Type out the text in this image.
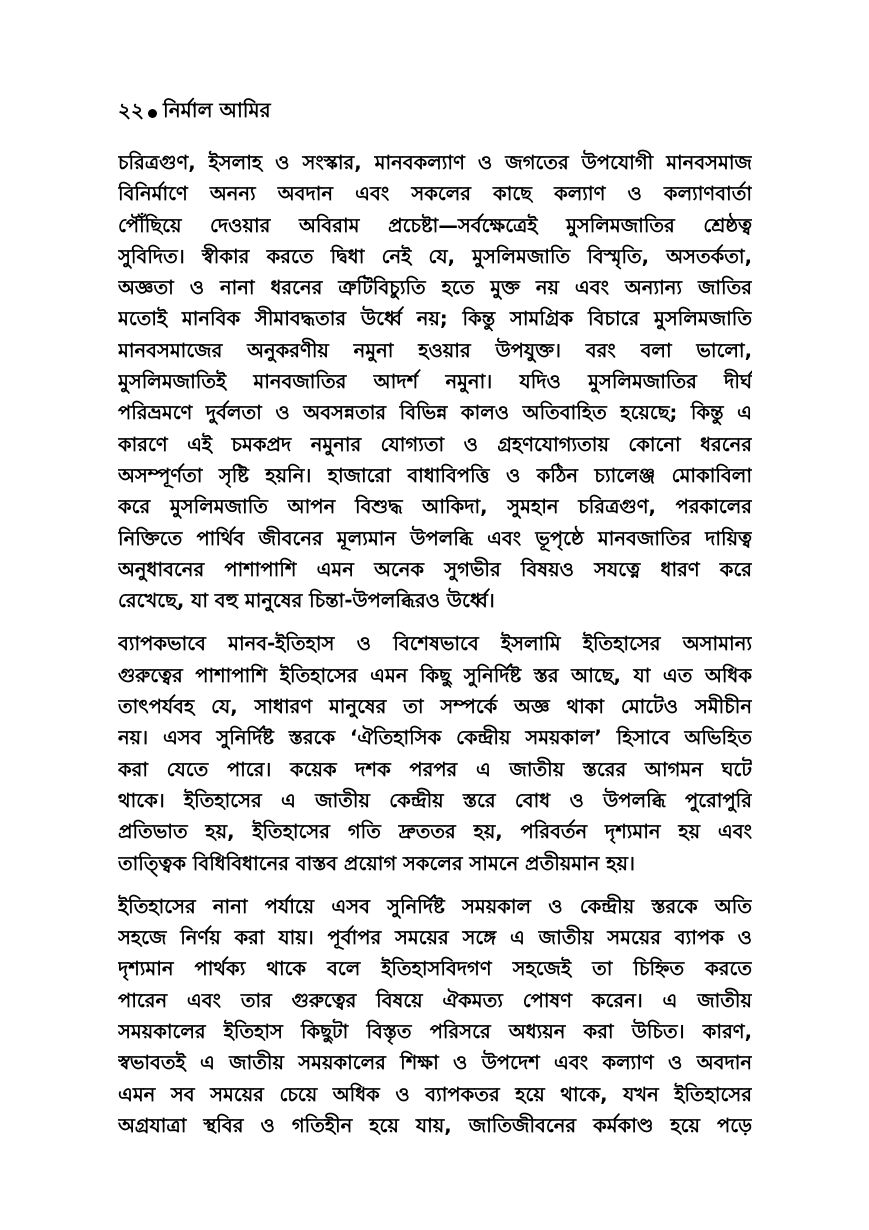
২২ নির্মাল আমির
চরিত্রগুণ, ইসলাহ ও সংস্কার, মানবকল্যাণ ও জগতের উপযোগী মানবসমাজ
বিনির্মাণে অনন্য অবদান এবং সকলের কাছে কল্যাণ ও কল্যাণবার্তা
পৌঁছিয়ে দেওয়ার অবিরাম প্রচেষ্টা—সর্বক্ষেত্রেই মুসলিমজাতির শ্রেষ্ঠত্ব
সুবিদিত। স্বীকার করতে দ্বিধা নেই যে, মুসলিমজাতি বিস্মৃতি, অসতর্কতা,
অজ্ঞতা ও নানা ধরনের ত্রুটিবিচ্যুতি হতে মুক্ত নয় এবং অন্যান্য জাতির
মতোই মানবিক সীমাবদ্ধতার উর্ধ্বে নয়; কিন্তু সামগ্রিক বিচারে মুসলিমজাতি
মানবসমাজের অনুকরণীয় নমুনা হওয়ার উপযুক্ত। বরং বলা ভালো,
মুসলিমজাতিই মানবজাতির আদর্শ নমুনা। যদিও মুসলিমজাতির দীর্ঘ
পরিভ্রমণে দুর্বলতা ও অবসন্নতার বিভিন্ন কালও অতিবাহিত হয়েছে; কিন্তু এ
কারণে এই চমকপ্রদ নমুনার যোগ্যতা ও গ্রহণযোগ্যতায় কোনো ধরনের
অসম্পূর্ণতা সৃষ্টি হয়নি। হাজারো বাধাবিপত্তি ও কঠিন চ্যালেঞ্জ মোকাবিলা
করে মুসলিমজাতি আপন বিশুদ্ধ আকিদা, সুমহান চরিত্রগুণ, পরকালের
নিক্তিতে পার্থিব জীবনের মূল্যমান উপলব্ধি এবং ভূপৃষ্ঠে মানবজাতির দায়িত্ব
অনুধাবনের পাশাপাশি এমন অনেক সুগভীর বিষয়ও সযত্নে ধারণ করে
রেখেছে, যা বহু মানুষের চিন্তা-উপলব্ধিরও উর্ধ্বে।
ব্যাপকভাবে মানব-ইতিহাস ও বিশেষভাবে ইসলামি ইতিহাসের অসামান্য
গুরুত্বের পাশাপাশি ইতিহাসের এমন কিছু সুনির্দিষ্ট স্তর আছে, যা এত অধিক
তাৎপর্যবহ যে, সাধারণ মানুষের তা সম্পর্কে অজ্ঞ থাকা মোটেও সমীচীন
নয়। এসব সুনির্দিষ্ট স্তরকে ‘ঐতিহাসিক কেন্দ্রীয় সময়কাল’ হিসাবে অভিহিত
করা যেতে পারে। কয়েক দশক পরপর এ জাতীয় স্তরের আগমন ঘটে
থাকে। ইতিহাসের এ জাতীয় কেন্দ্রীয় স্তরে বোধ ও উপলব্ধি পুরোপুরি
প্রতিভাত হয়, ইতিহাসের গতি দ্রুততর হয়, পরিবর্তন দৃশ্যমান হয় এবং
তাত্ত্বিক বিধিবিধানের বাস্তব প্রয়োগ সকলের সামনে প্রতীয়মান হয়।
ইতিহাসের নানা পর্যায়ে এসব সুনির্দিষ্ট সময়কাল ও কেন্দ্রীয় স্তরকে অতি
সহজে নির্ণয় করা যায়। পূর্বাপর সময়ের সঙ্গে এ জাতীয় সময়ের ব্যাপক ও
দৃশ্যমান পার্থক্য থাকে বলে ইতিহাসবিদগণ সহজেই তা চিহ্নিত করতে
পারেন এবং তার গুরুত্বের বিষয়ে ঐকমত্য পোষণ করেন। এ জাতীয়
সময়কালের ইতিহাস কিছুটা বিস্তৃত পরিসরে অধ্যয়ন করা উচিত। কারণ,
স্বভাবতই এ জাতীয় সময়কালের শিক্ষা ও উপদেশ এবং কল্যাণ ও অবদান
এমন সব সময়ের চেয়ে অধিক ও ব্যাপকতর হয়ে থাকে, যখন ইতিহাসের
অগ্রযাত্রা স্থবির ও গতিহীন হয়ে যায়, জাতিজীবনের কর্মকাণ্ড হয়ে পড়ে
